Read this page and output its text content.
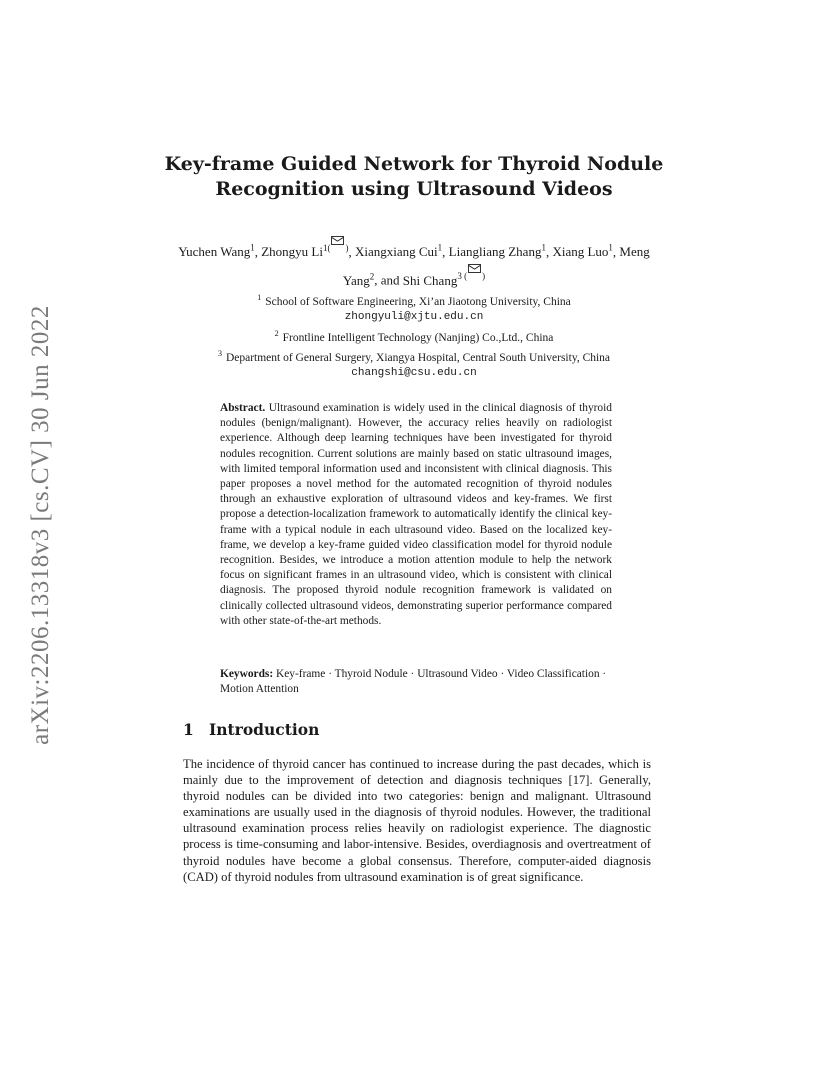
arXiv:2206.13318v3 [cs.CV] 30 Jun 2022
Key-frame Guided Network for Thyroid Nodule Recognition using Ultrasound Videos
Yuchen Wang$^1$, Zhongyu $Li^{1( )}$, Xiangxiang Cui$^1$, Liangliang Zhang$^1$, Xiang Luo$^1$, Meng Yang$^2$, and Shi Chang$^{3 ( )}$
$^1$ School of Software Engineering, Xi’an Jiaotong University, China
zhongyuli@xjtu.edu.cn
$^2$ Frontline Intelligent Technology (Nanjing) Co.,Ltd., China
$^3$ Department of General Surgery, Xiangya Hospital, Central South University, China
changshi@csu.edu.cn
Abstract. Ultrasound examination is widely used in the clinical diagnosis of thyroid nodules (benign/malignant). However, the accuracy relies heavily on radiologist experience. Although deep learning techniques have been investigated for thyroid nodules recognition. Current solutions are mainly based on static ultrasound images, with limited temporal information used and inconsistent with clinical diagnosis. This paper proposes a novel method for the automated recognition of thyroid nodules through an exhaustive exploration of ultrasound videos and key-frames. We first propose a detection-localization framework to automatically identify the clinical key-frame with a typical nodule in each ultrasound video. Based on the localized key-frame, we develop a key-frame guided video classification model for thyroid nodule recognition. Besides, we introduce a motion attention module to help the network focus on significant frames in an ultrasound video, which is consistent with clinical diagnosis. The proposed thyroid nodule recognition framework is validated on clinically collected ultrasound videos, demonstrating superior performance compared with other state-of-the-art methods.
Keywords: Key-frame · Thyroid Nodule · Ultrasound Video · Video Classification · Motion Attention
1 Introduction
The incidence of thyroid cancer has continued to increase during the past decades, which is mainly due to the improvement of detection and diagnosis techniques [17]. Generally, thyroid nodules can be divided into two categories: benign and malignant. Ultrasound examinations are usually used in the diagnosis of thyroid nodules. However, the traditional ultrasound examination process relies heavily on radiologist experience. The diagnostic process is time-consuming and labor-intensive. Besides, overdiagnosis and overtreatment of thyroid nodules have become a global consensus. Therefore, computer-aided diagnosis (CAD) of thyroid nodules from ultrasound examination is of great significance.
